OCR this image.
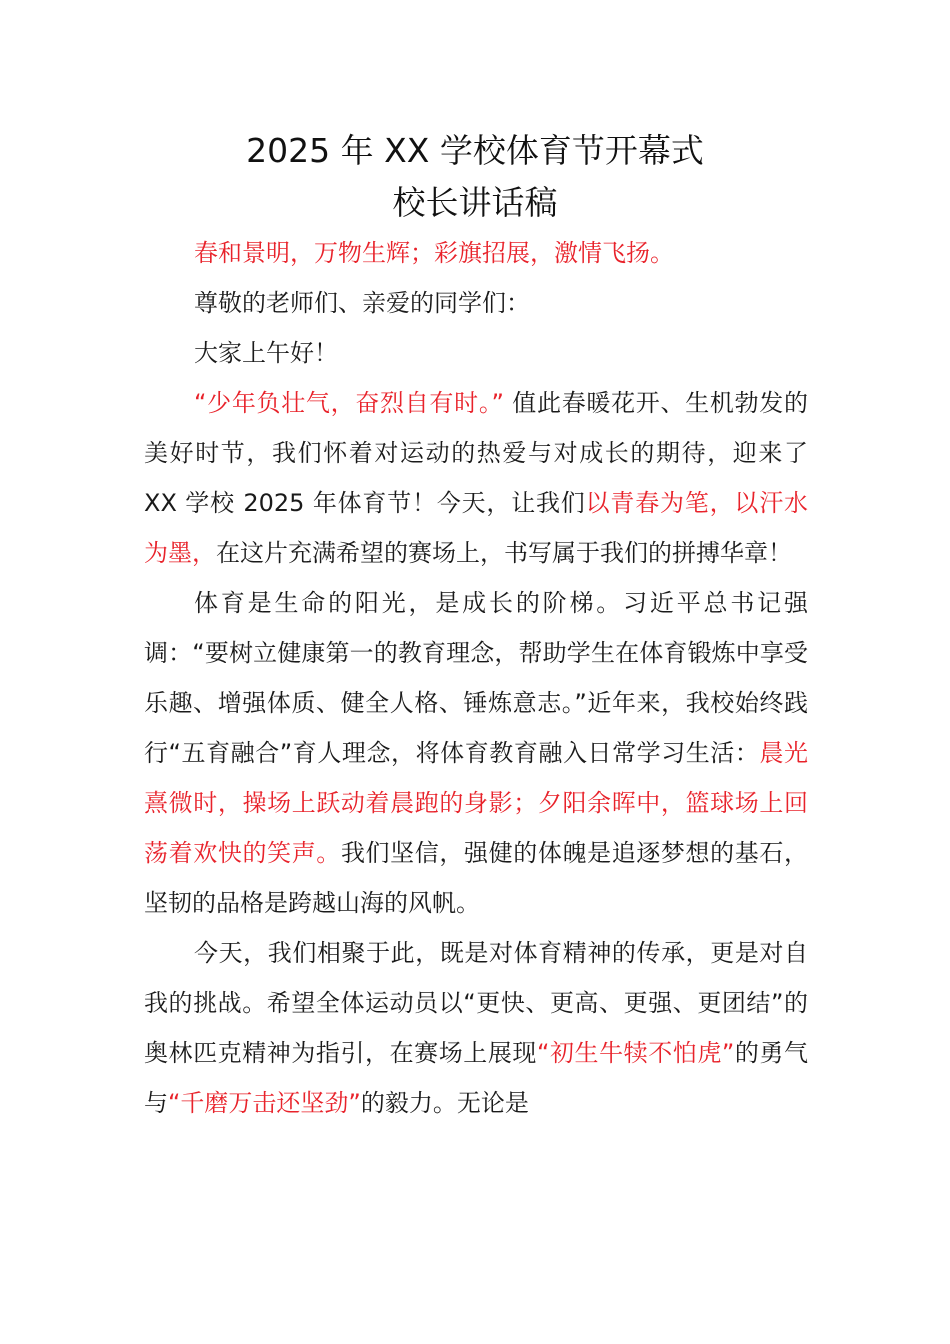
2025 年 XX 学校体育节开幕式
校长讲话稿

春和景明，万物生辉；彩旗招展，激情飞扬。

尊敬的老师们、亲爱的同学们：

大家上午好！

“少年负壮气，奋烈自有时。” 值此春暖花开、生机勃发的美好时节，我们怀着对运动的热爱与对成长的期待，迎来了 XX 学校 2025 年体育节！今天，让我们以青春为笔，以汗水为墨，在这片充满希望的赛场上，书写属于我们的拼搏华章！

体育是生命的阳光，是成长的阶梯。习近平总书记强调：“要树立健康第一的教育理念，帮助学生在体育锻炼中享受乐趣、增强体质、健全人格、锤炼意志。”近年来，我校始终践行“五育融合”育人理念，将体育教育融入日常学习生活：晨光熹微时，操场上跃动着晨跑的身影；夕阳余晖中，篮球场上回荡着欢快的笑声。我们坚信，强健的体魄是追逐梦想的基石，坚韧的品格是跨越山海的风帆。

今天，我们相聚于此，既是对体育精神的传承，更是对自我的挑战。希望全体运动员以“更快、更高、更强、更团结”的奥林匹克精神为指引，在赛场上展现“初生牛犊不怕虎”的勇气与“千磨万击还坚劲”的毅力。无论是
